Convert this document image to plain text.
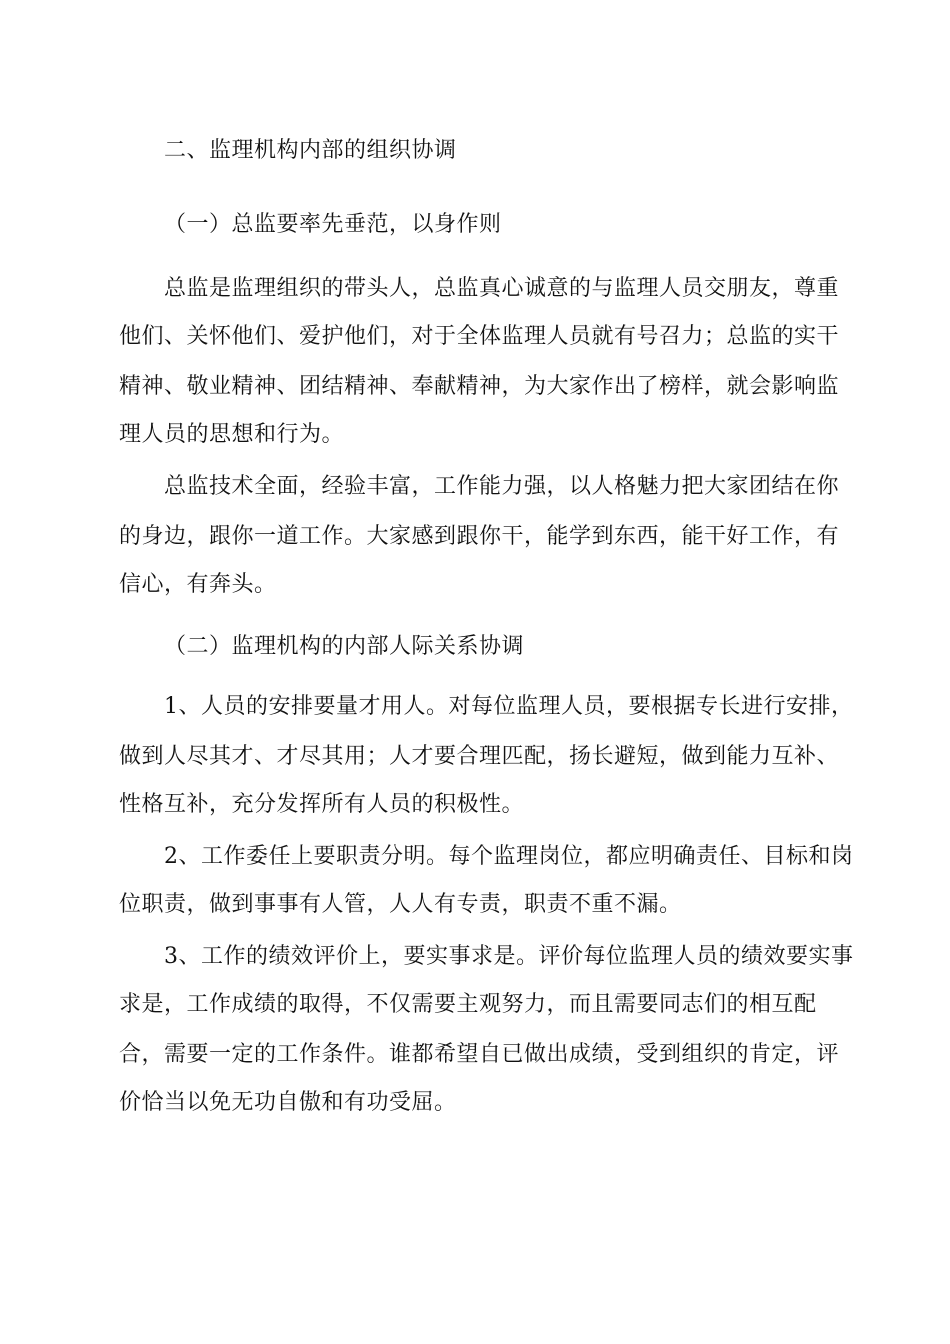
二、监理机构内部的组织协调
（一）总监要率先垂范，以身作则
总监是监理组织的带头人，总监真心诚意的与监理人员交朋友，尊重
他们、关怀他们、爱护他们，对于全体监理人员就有号召力；总监的实干
精神、敬业精神、团结精神、奉献精神，为大家作出了榜样，就会影响监
理人员的思想和行为。
总监技术全面，经验丰富，工作能力强，以人格魅力把大家团结在你
的身边，跟你一道工作。大家感到跟你干，能学到东西，能干好工作，有
信心，有奔头。
（二）监理机构的内部人际关系协调
1、人员的安排要量才用人。对每位监理人员，要根据专长进行安排，
做到人尽其才、才尽其用；人才要合理匹配，扬长避短，做到能力互补、
性格互补，充分发挥所有人员的积极性。
2、工作委任上要职责分明。每个监理岗位，都应明确责任、目标和岗
位职责，做到事事有人管，人人有专责，职责不重不漏。
3、工作的绩效评价上，要实事求是。评价每位监理人员的绩效要实事
求是，工作成绩的取得，不仅需要主观努力，而且需要同志们的相互配
合，需要一定的工作条件。谁都希望自已做出成绩，受到组织的肯定，评
价恰当以免无功自傲和有功受屈。
